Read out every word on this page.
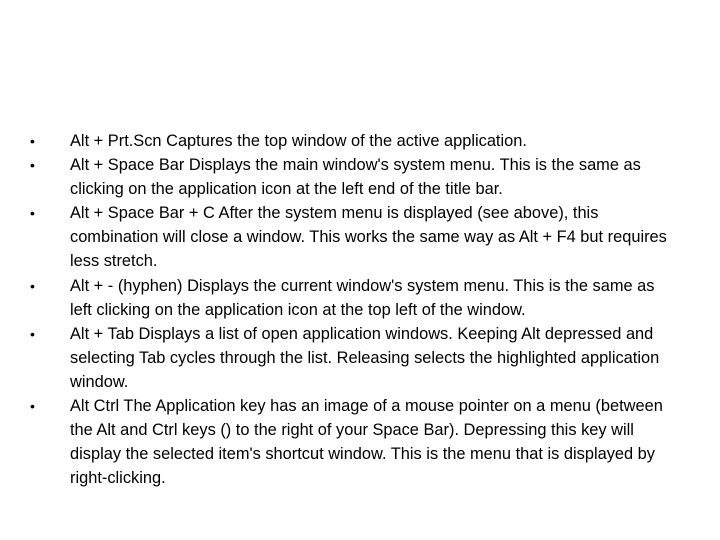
•	Alt + Prt.Scn Captures the top window of the active application.
•	Alt + Space Bar Displays the main window's system menu. This is the same as clicking on the application icon at the left end of the title bar.
•	Alt + Space Bar + C After the system menu is displayed (see above), this combination will close a window. This works the same way as Alt + F4 but requires less stretch.
•	Alt + - (hyphen) Displays the current window's system menu. This is the same as left clicking on the application icon at the top left of the window.
•	Alt + Tab Displays a list of open application windows. Keeping Alt depressed and selecting Tab cycles through the list. Releasing selects the highlighted application window.
•	Alt Ctrl The Application key has an image of a mouse pointer on a menu (between the Alt and Ctrl keys () to the right of your Space Bar). Depressing this key will display the selected item's shortcut window. This is the menu that is displayed by right-clicking.
